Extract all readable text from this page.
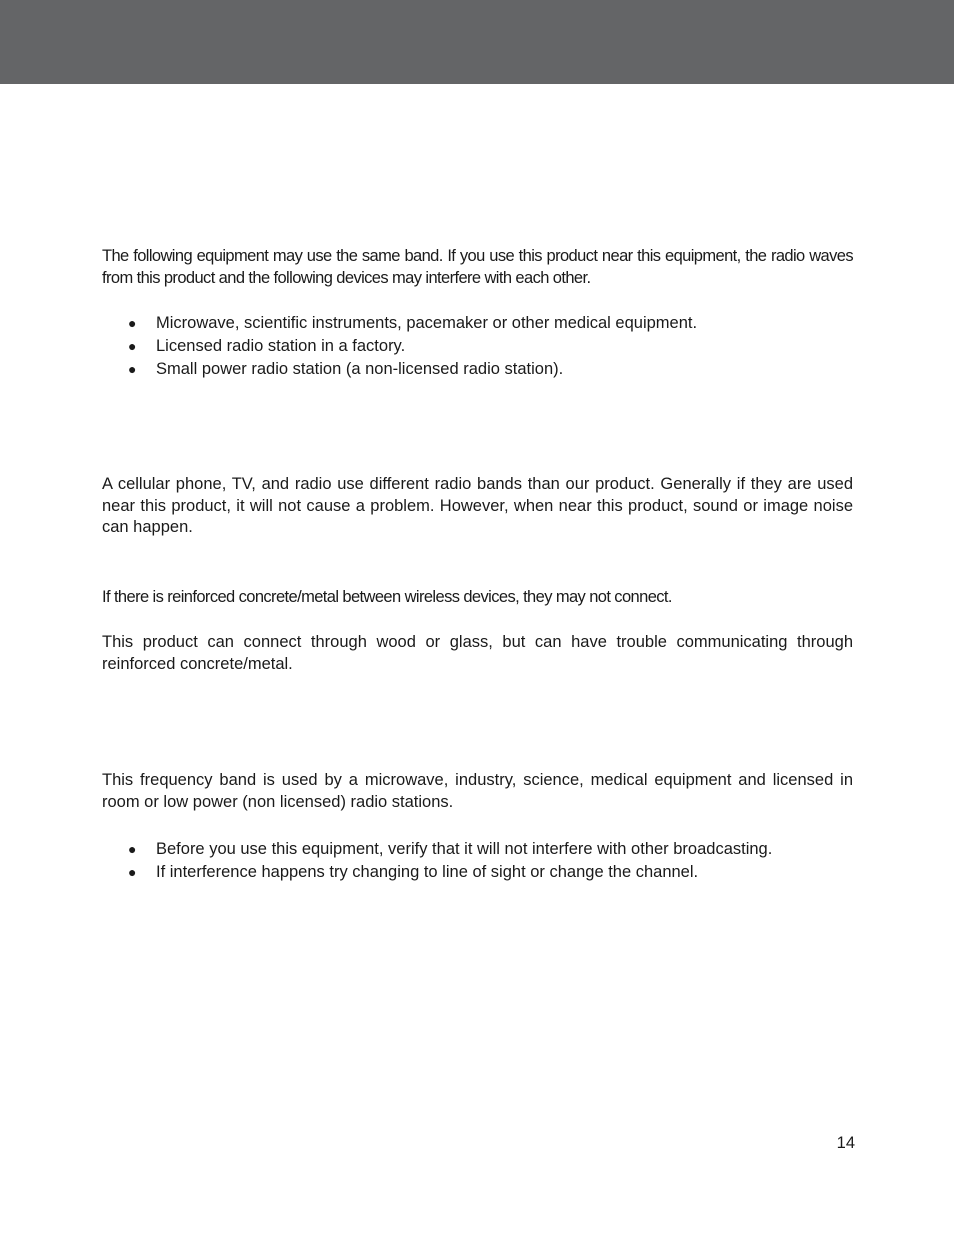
The following equipment may use the same band. If you use this product near this equipment, the radio waves from this product and the following devices may interfere with each other.

● Microwave, scientific instruments, pacemaker or other medical equipment.
● Licensed radio station in a factory.
● Small power radio station (a non-licensed radio station).

A cellular phone, TV, and radio use different radio bands than our product. Generally if they are used near this product, it will not cause a problem. However, when near this product, sound or image noise can happen.

If there is reinforced concrete/metal between wireless devices, they may not connect.

This product can connect through wood or glass, but can have trouble communicating through reinforced concrete/metal.

This frequency band is used by a microwave, industry, science, medical equipment and licensed in room or low power (non licensed) radio stations.

● Before you use this equipment, verify that it will not interfere with other broadcasting.
● If interference happens try changing to line of sight or change the channel.
14
